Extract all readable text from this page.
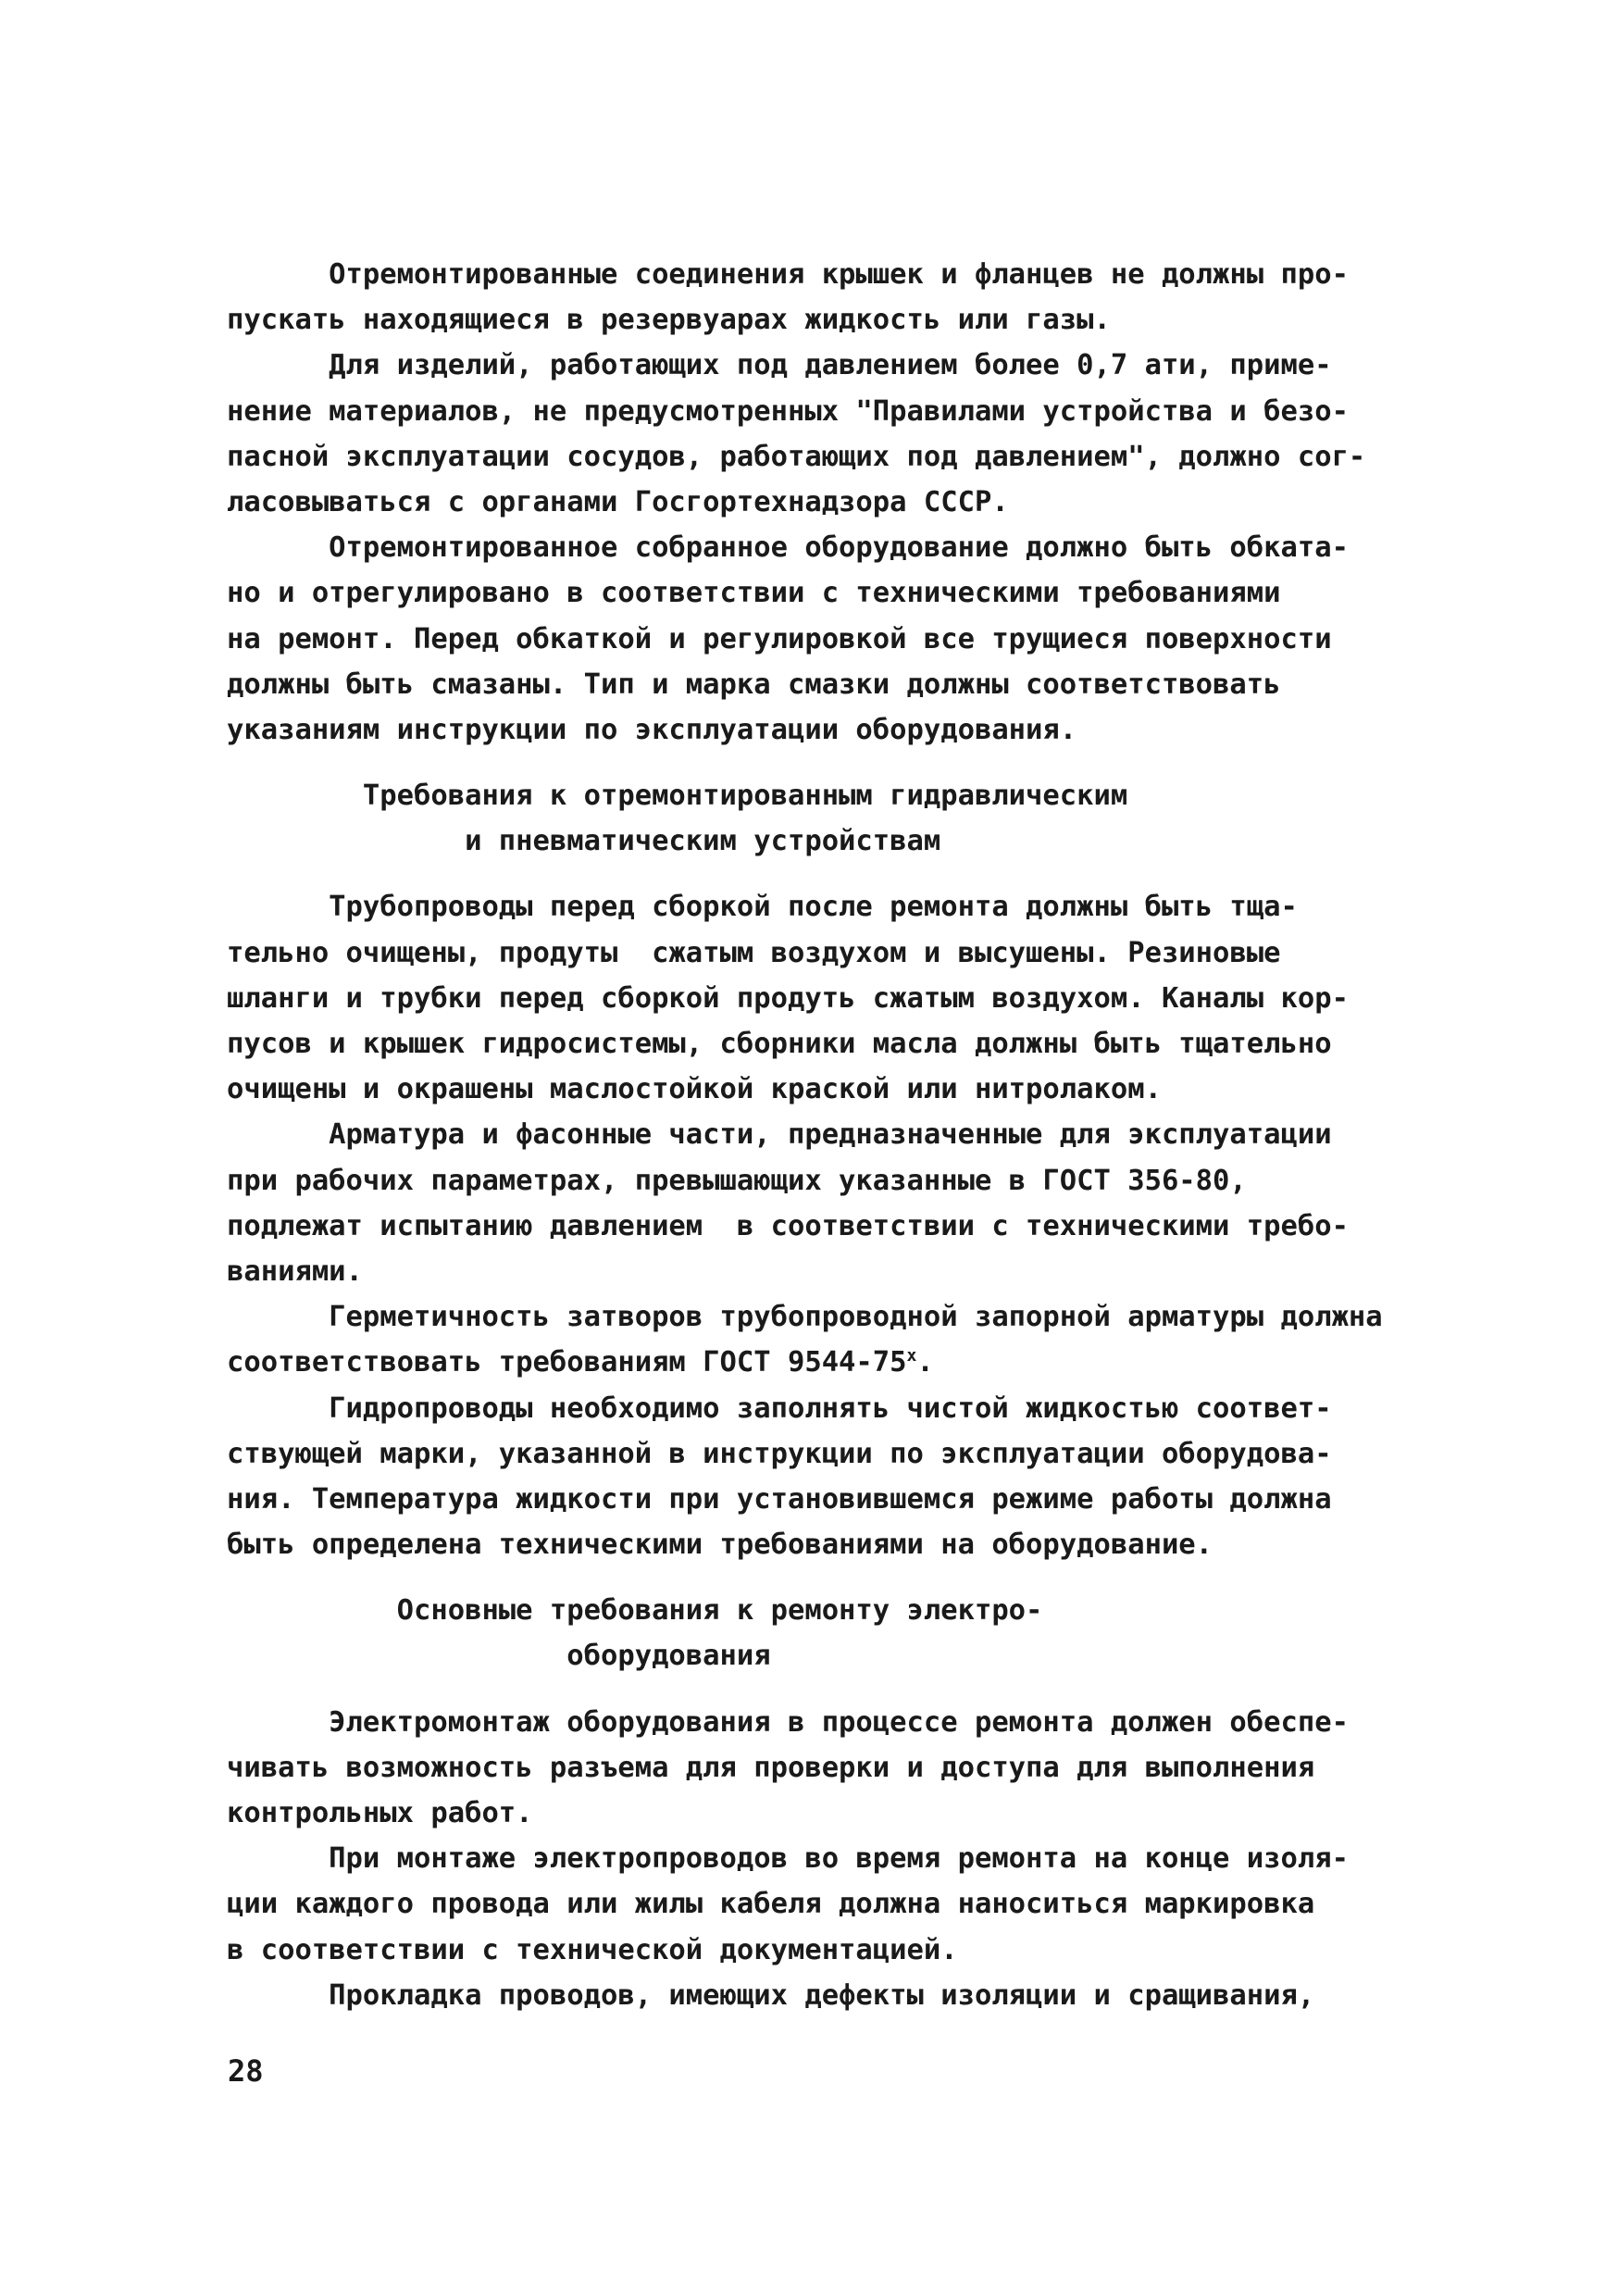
Отремонтированные соединения крышек и фланцев не должны про-
пускать находящиеся в резервуарах жидкость или газы.
Для изделий, работающих под давлением более 0,7 ати, приме-
нение материалов, не предусмотренных "Правилами устройства и безо-
пасной эксплуатации сосудов, работающих под давлением", должно сог-
ласовываться с органами Госгортехнадзора СССР.
Отремонтированное собранное оборудование должно быть обката-
но и отрегулировано в соответствии с техническими требованиями
на ремонт. Перед обкаткой и регулировкой все трущиеся поверхности
должны быть смазаны. Тип и марка смазки должны соответствовать
указаниям инструкции по эксплуатации оборудования.
Требования к отремонтированным гидравлическим
и пневматическим устройствам
Трубопроводы перед сборкой после ремонта должны быть тща-
тельно очищены, продуты  сжатым воздухом и высушены. Резиновые
шланги и трубки перед сборкой продуть сжатым воздухом. Каналы кор-
пусов и крышек гидросистемы, сборники масла должны быть тщательно
очищены и окрашены маслостойкой краской или нитролаком.
Арматура и фасонные части, предназначенные для эксплуатации
при рабочих параметрах, превышающих указанные в ГОСТ 356-80,
подлежат испытанию давлением  в соответствии с техническими требо-
ваниями.
Герметичность затворов трубопроводной запорной арматуры должна
соответствовать требованиям ГОСТ $9544-75^х$.
Гидропроводы необходимо заполнять чистой жидкостью соответ-
ствующей марки, указанной в инструкции по эксплуатации оборудова-
ния. Температура жидкости при установившемся режиме работы должна
быть определена техническими требованиями на оборудование.
Основные требования к ремонту электро-
оборудования
Электромонтаж оборудования в процессе ремонта должен обеспе-
чивать возможность разъема для проверки и доступа для выполнения
контрольных работ.
При монтаже электропроводов во время ремонта на конце изоля-
ции каждого провода или жилы кабеля должна наноситься маркировка
в соответствии с технической документацией.
Прокладка проводов, имеющих дефекты изоляции и сращивания,
28
